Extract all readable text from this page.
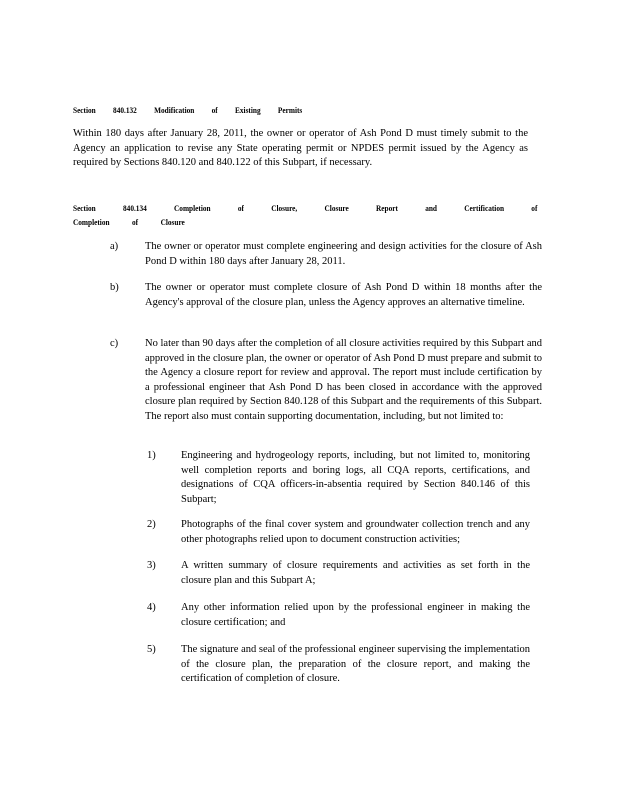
Section 840.132 Modification of Existing Permits
Within 180 days after January 28, 2011, the owner or operator of Ash Pond D must timely submit to the Agency an application to revise any State operating permit or NPDES permit issued by the Agency as required by Sections 840.120 and 840.122 of this Subpart, if necessary.
Section 840.134 Completion of Closure, Closure Report and Certification of Completion of Closure
a)	The owner or operator must complete engineering and design activities for the closure of Ash Pond D within 180 days after January 28, 2011.
b)	The owner or operator must complete closure of Ash Pond D within 18 months after the Agency's approval of the closure plan, unless the Agency approves an alternative timeline.
c)	No later than 90 days after the completion of all closure activities required by this Subpart and approved in the closure plan, the owner or operator of Ash Pond D must prepare and submit to the Agency a closure report for review and approval. The report must include certification by a professional engineer that Ash Pond D has been closed in accordance with the approved closure plan required by Section 840.128 of this Subpart and the requirements of this Subpart. The report also must contain supporting documentation, including, but not limited to:
1) Engineering and hydrogeology reports, including, but not limited to, monitoring well completion reports and boring logs, all CQA reports, certifications, and designations of CQA officers-in-absentia required by Section 840.146 of this Subpart;
2) Photographs of the final cover system and groundwater collection trench and any other photographs relied upon to document construction activities;
3) A written summary of closure requirements and activities as set forth in the closure plan and this Subpart A;
4) Any other information relied upon by the professional engineer in making the closure certification; and
5) The signature and seal of the professional engineer supervising the implementation of the closure plan, the preparation of the closure report, and making the certification of completion of closure.
